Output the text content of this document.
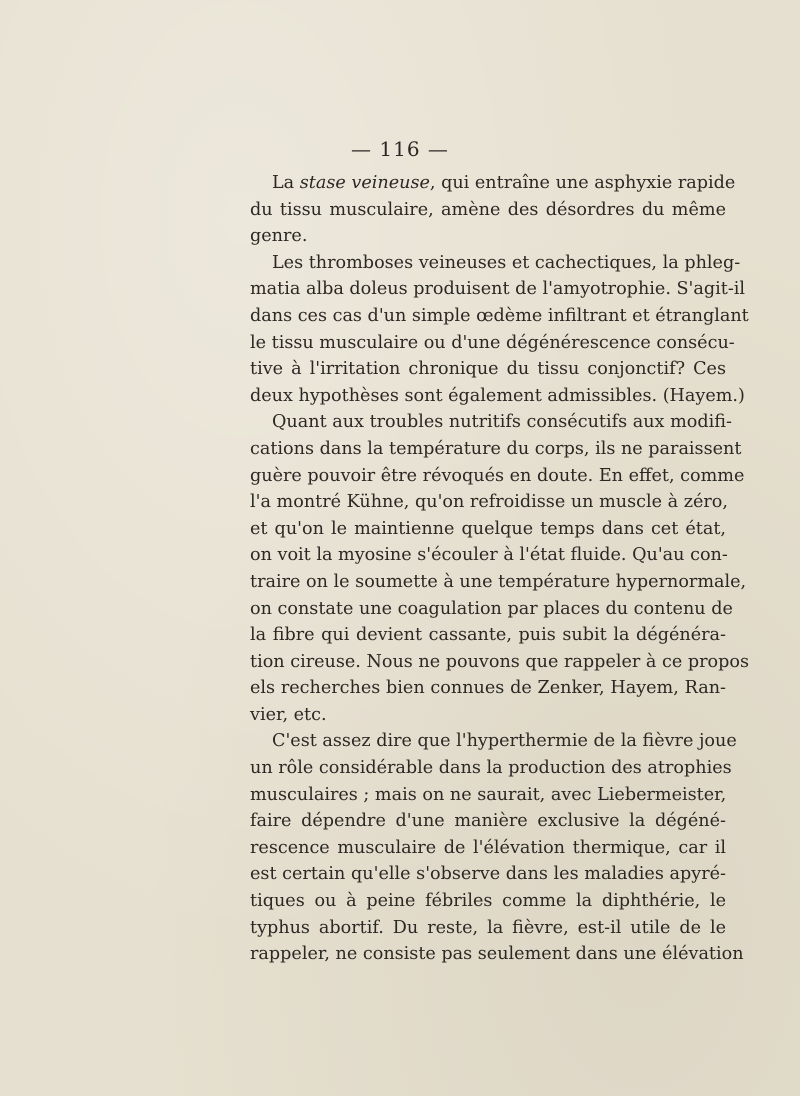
— 116 —
La stase veineuse, qui entraîne une asphyxie rapide
du tissu musculaire, amène des désordres du même
genre.
Les thromboses veineuses et cachectiques, la phleg-
matia alba doleus produisent de l'amyotrophie. S'agit-il
dans ces cas d'un simple œdème infiltrant et étranglant
le tissu musculaire ou d'une dégénérescence consécu-
tive à l'irritation chronique du tissu conjonctif? Ces
deux hypothèses sont également admissibles. (Hayem.)
Quant aux troubles nutritifs consécutifs aux modifi-
cations dans la température du corps, ils ne paraissent
guère pouvoir être révoqués en doute. En effet, comme
l'a montré Kühne, qu'on refroidisse un muscle à zéro,
et qu'on le maintienne quelque temps dans cet état,
on voit la myosine s'écouler à l'état fluide. Qu'au con-
traire on le soumette à une température hypernormale,
on constate une coagulation par places du contenu de
la fibre qui devient cassante, puis subit la dégénéra-
tion cireuse. Nous ne pouvons que rappeler à ce propos
els recherches bien connues de Zenker, Hayem, Ran-
vier, etc.
C'est assez dire que l'hyperthermie de la fièvre joue
un rôle considérable dans la production des atrophies
musculaires ; mais on ne saurait, avec Liebermeister,
faire dépendre d'une manière exclusive la dégéné-
rescence musculaire de l'élévation thermique, car il
est certain qu'elle s'observe dans les maladies apyré-
tiques ou à peine fébriles comme la diphthérie, le
typhus abortif. Du reste, la fièvre, est-il utile de le
rappeler, ne consiste pas seulement dans une élévation
